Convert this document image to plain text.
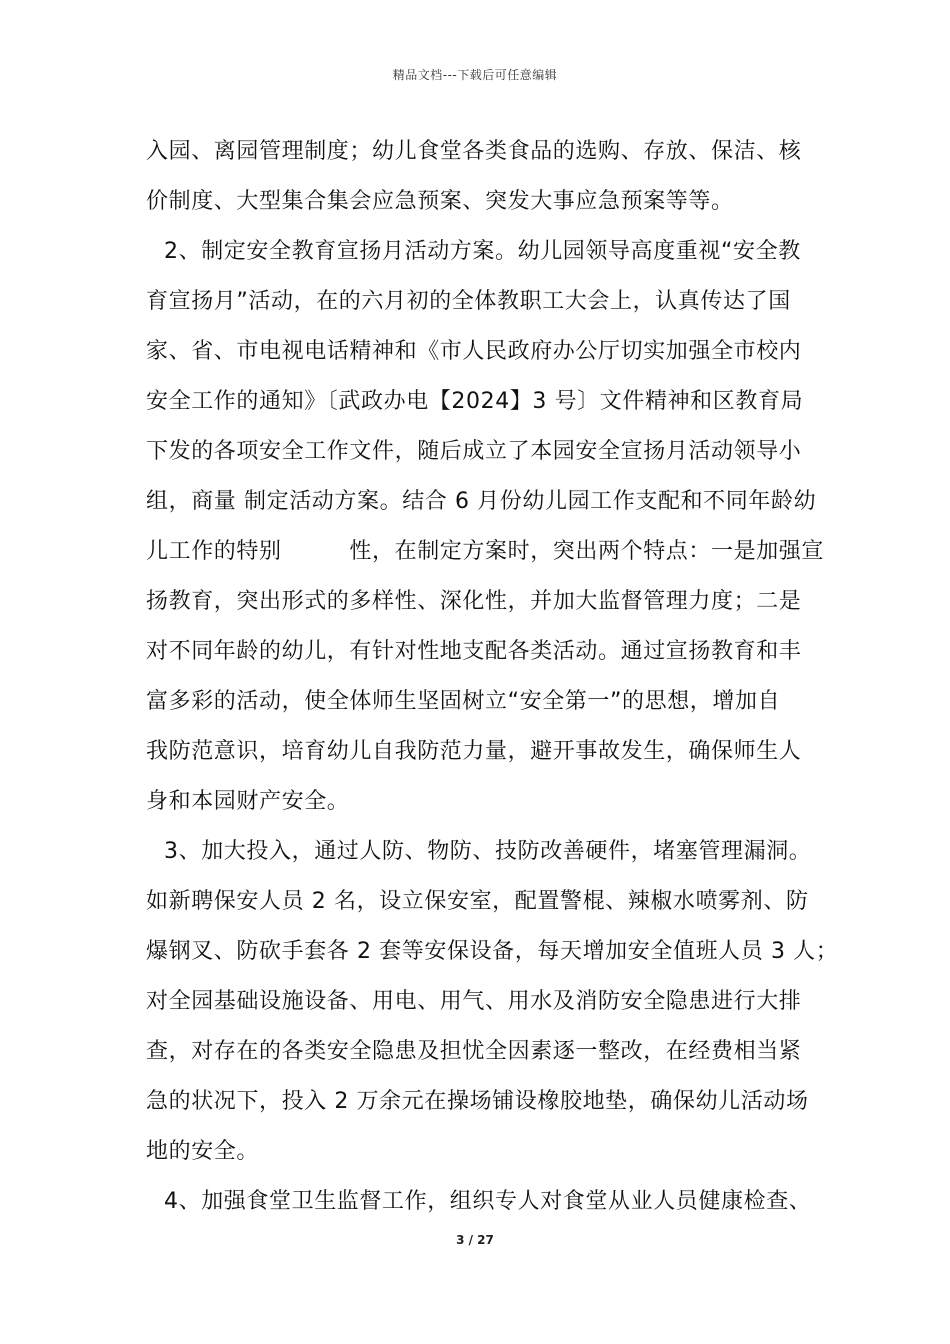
精品文档---下载后可任意编辑
入园、离园管理制度；幼儿食堂各类食品的选购、存放、保洁、核
价制度、大型集合集会应急预案、突发大事应急预案等等。
2、制定安全教育宣扬月活动方案。幼儿园领导高度重视“安全教
育宣扬月”活动，在的六月初的全体教职工大会上，认真传达了国
家、省、市电视电话精神和《市人民政府办公厅切实加强全市校内
安全工作的通知》〔武政办电【2024】3 号〕文件精神和区教育局
下发的各项安全工作文件，随后成立了本园安全宣扬月活动领导小
组，商量 制定活动方案。结合 6 月份幼儿园工作支配和不同年龄幼
儿工作的特别　　　性，在制定方案时，突出两个特点：一是加强宣
扬教育，突出形式的多样性、深化性，并加大监督管理力度；二是
对不同年龄的幼儿，有针对性地支配各类活动。通过宣扬教育和丰
富多彩的活动，使全体师生坚固树立“安全第一”的思想，增加自
我防范意识，培育幼儿自我防范力量，避开事故发生，确保师生人
身和本园财产安全。
3、加大投入，通过人防、物防、技防改善硬件，堵塞管理漏洞。
如新聘保安人员 2 名，设立保安室，配置警棍、辣椒水喷雾剂、防
爆钢叉、防砍手套各 2 套等安保设备，每天增加安全值班人员 3 人；
对全园基础设施设备、用电、用气、用水及消防安全隐患进行大排
查，对存在的各类安全隐患及担忧全因素逐一整改，在经费相当紧
急的状况下，投入 2 万余元在操场铺设橡胶地垫，确保幼儿活动场
地的安全。
4、加强食堂卫生监督工作，组织专人对食堂从业人员健康检查、
3 / 27
